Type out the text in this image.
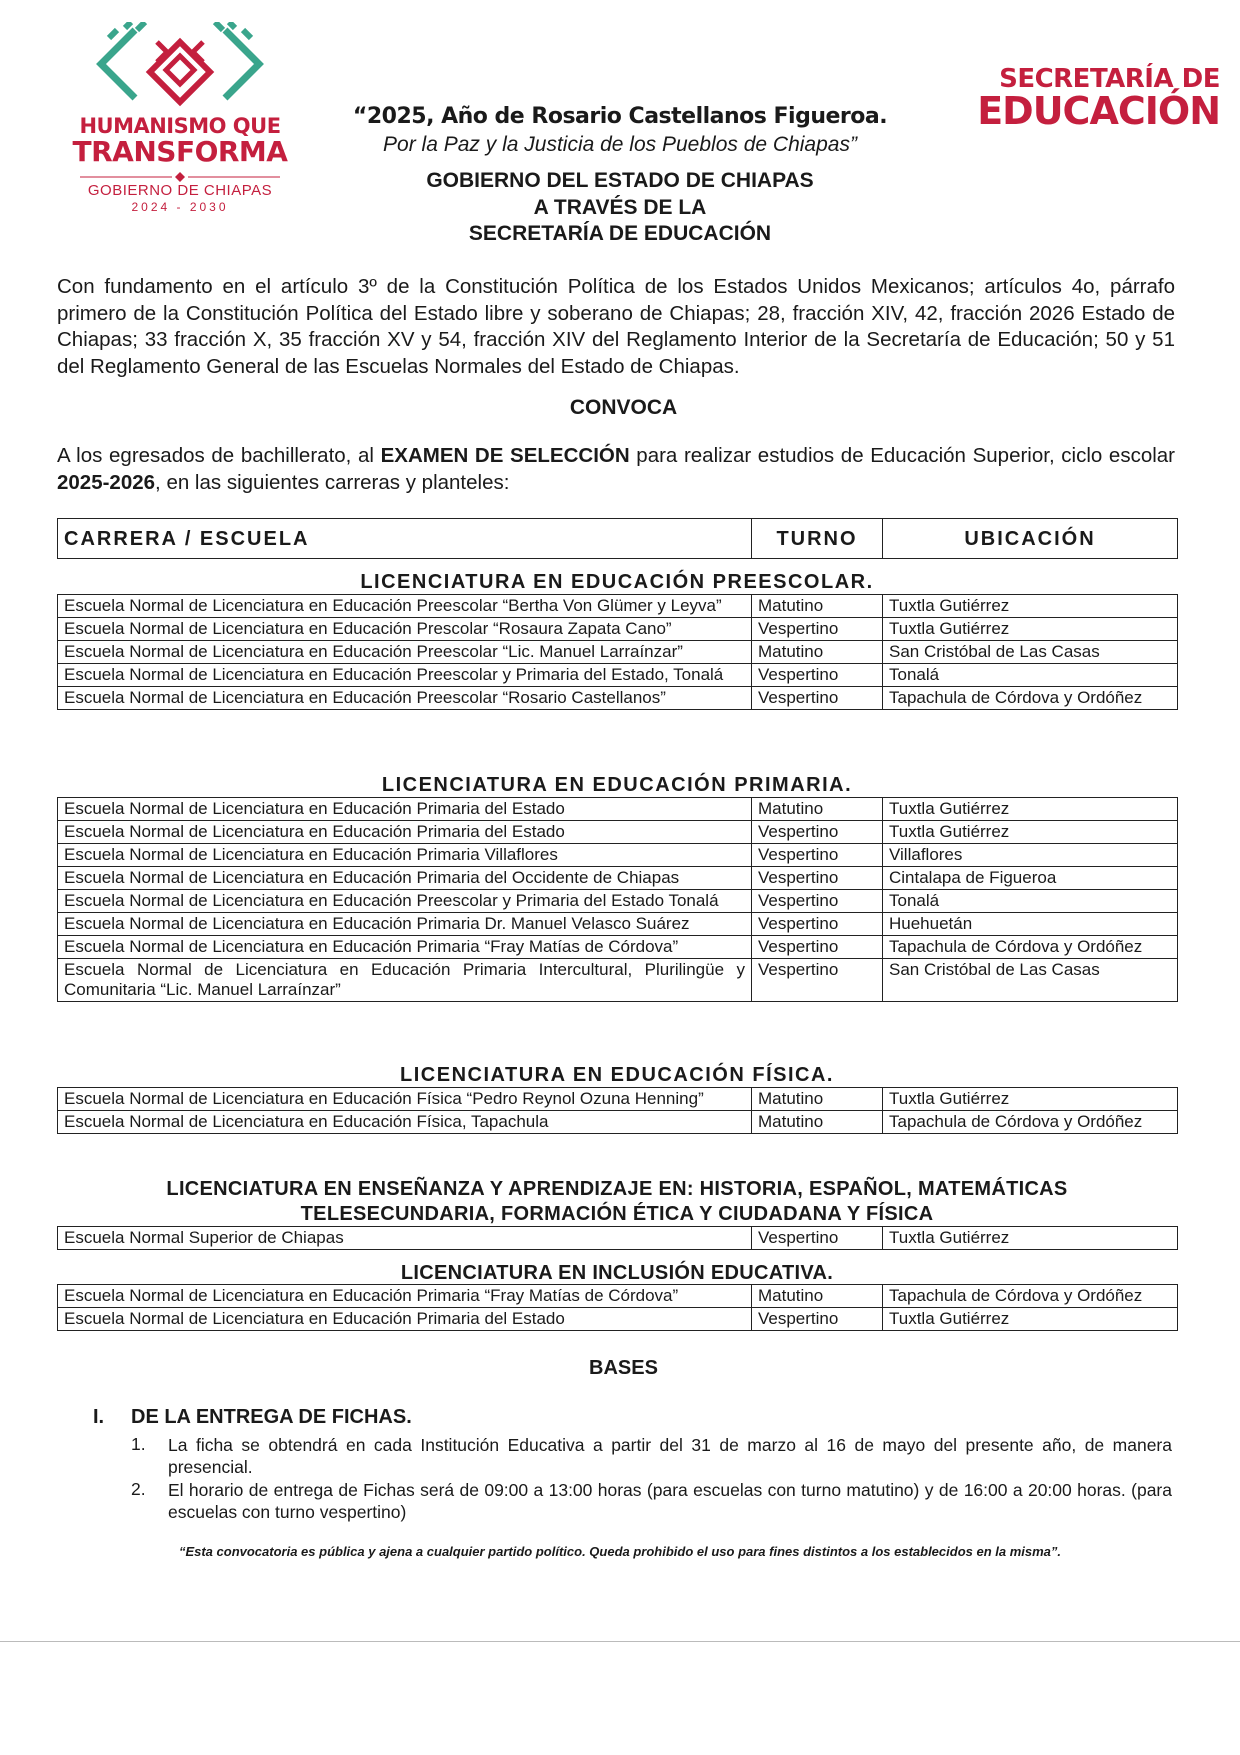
HUMANISMO QUE
TRANSFORMA
GOBIERNO DE CHIAPAS
2024 - 2030
SECRETARÍA DE
EDUCACIÓN
“2025, Año de Rosario Castellanos Figueroa.
Por la Paz y la Justicia de los Pueblos de Chiapas”
GOBIERNO DEL ESTADO DE CHIAPAS
A TRAVÉS DE LA
SECRETARÍA DE EDUCACIÓN
Con fundamento en el artículo 3º de la Constitución Política de los Estados Unidos Mexicanos; artículos 4o, párrafo primero de la Constitución Política del Estado libre y soberano de Chiapas; 28, fracción XIV, 42, fracción 2026 Estado de Chiapas; 33 fracción X, 35 fracción XV y 54, fracción XIV del Reglamento Interior de la Secretaría de Educación; 50 y 51 del Reglamento General de las Escuelas Normales del Estado de Chiapas.
CONVOCA
A los egresados de bachillerato, al EXAMEN DE SELECCIÓN para realizar estudios de Educación Superior, ciclo escolar 2025-2026, en las siguientes carreras y planteles:
CARRERA / ESCUELA	TURNO	UBICACIÓN
LICENCIATURA EN EDUCACIÓN PREESCOLAR.
Escuela Normal de Licenciatura en Educación Preescolar “Bertha Von Glümer y Leyva”	Matutino	Tuxtla Gutiérrez
Escuela Normal de Licenciatura en Educación Prescolar “Rosaura Zapata Cano”	Vespertino	Tuxtla Gutiérrez
Escuela Normal de Licenciatura en Educación Preescolar “Lic. Manuel Larraínzar”	Matutino	San Cristóbal de Las Casas
Escuela Normal de Licenciatura en Educación Preescolar y Primaria del Estado, Tonalá	Vespertino	Tonalá
Escuela Normal de Licenciatura en Educación Preescolar “Rosario Castellanos”	Vespertino	Tapachula de Córdova y Ordóñez
LICENCIATURA EN EDUCACIÓN PRIMARIA.
Escuela Normal de Licenciatura en Educación Primaria del Estado	Matutino	Tuxtla Gutiérrez
Escuela Normal de Licenciatura en Educación Primaria del Estado	Vespertino	Tuxtla Gutiérrez
Escuela Normal de Licenciatura en Educación Primaria Villaflores	Vespertino	Villaflores
Escuela Normal de Licenciatura en Educación Primaria del Occidente de Chiapas	Vespertino	Cintalapa de Figueroa
Escuela Normal de Licenciatura en Educación Preescolar y Primaria del Estado Tonalá	Vespertino	Tonalá
Escuela Normal de Licenciatura en Educación Primaria Dr. Manuel Velasco Suárez	Vespertino	Huehuetán
Escuela Normal de Licenciatura en Educación Primaria “Fray Matías de Córdova”	Vespertino	Tapachula de Córdova y Ordóñez
Escuela Normal de Licenciatura en Educación Primaria Intercultural, Plurilingüe y Comunitaria “Lic. Manuel Larraínzar”	Vespertino	San Cristóbal de Las Casas
LICENCIATURA EN EDUCACIÓN FÍSICA.
Escuela Normal de Licenciatura en Educación Física “Pedro Reynol Ozuna Henning”	Matutino	Tuxtla Gutiérrez
Escuela Normal de Licenciatura en Educación Física, Tapachula	Matutino	Tapachula de Córdova y Ordóñez
LICENCIATURA EN ENSEÑANZA Y APRENDIZAJE EN: HISTORIA, ESPAÑOL, MATEMÁTICAS
TELESECUNDARIA, FORMACIÓN ÉTICA Y CIUDADANA Y FÍSICA
Escuela Normal Superior de Chiapas	Vespertino	Tuxtla Gutiérrez
LICENCIATURA EN INCLUSIÓN EDUCATIVA.
Escuela Normal de Licenciatura en Educación Primaria “Fray Matías de Córdova”	Matutino	Tapachula de Córdova y Ordóñez
Escuela Normal de Licenciatura en Educación Primaria del Estado	Vespertino	Tuxtla Gutiérrez
BASES
I. DE LA ENTREGA DE FICHAS.
1. La ficha se obtendrá en cada Institución Educativa a partir del 31 de marzo al 16 de mayo del presente año, de manera presencial.
2. El horario de entrega de Fichas será de 09:00 a 13:00 horas (para escuelas con turno matutino) y de 16:00 a 20:00 horas. (para escuelas con turno vespertino)
“Esta convocatoria es pública y ajena a cualquier partido político. Queda prohibido el uso para fines distintos a los establecidos en la misma”.
